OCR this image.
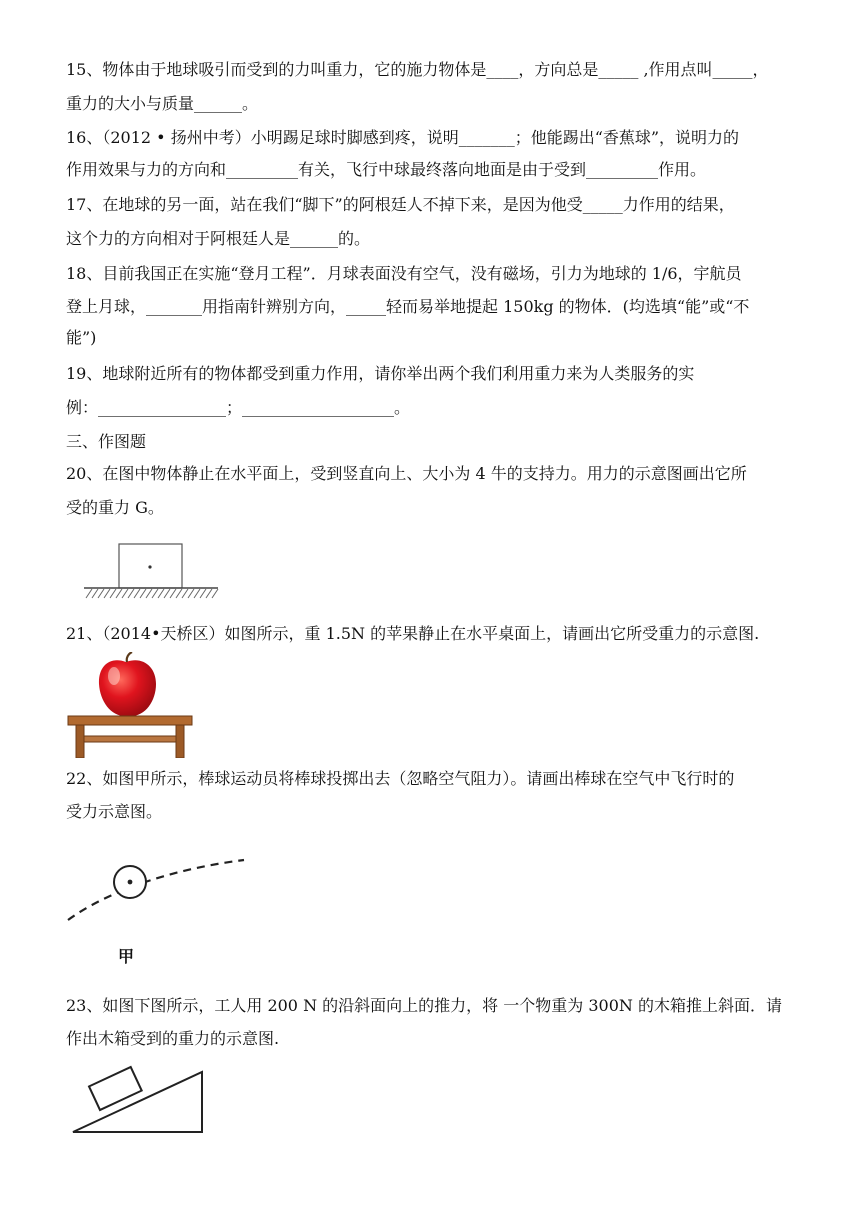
15、物体由于地球吸引而受到的力叫重力，它的施力物体是____，方向总是_____ ,作用点叫_____，
重力的大小与质量______。
16、（2012 • 扬州中考）小明踢足球时脚感到疼，说明_______；他能踢出“香蕉球”，说明力的
作用效果与力的方向和_________有关，飞行中球最终落向地面是由于受到_________作用。
17、在地球的另一面，站在我们“脚下”的阿根廷人不掉下来，是因为他受_____力作用的结果，
这个力的方向相对于阿根廷人是______的。
18、目前我国正在实施“登月工程”．月球表面没有空气，没有磁场，引力为地球的 1/6，宇航员
登上月球，_______用指南针辨别方向，_____轻而易举地提起 150kg 的物体．(均选填“能”或“不
能”)
19、地球附近所有的物体都受到重力作用，请你举出两个我们利用重力来为人类服务的实
例：________________；___________________。
三、作图题
20、在图中物体静止在水平面上，受到竖直向上、大小为 4 牛的支持力。用力的示意图画出它所
受的重力 G。
21、（2014•天桥区）如图所示，重 1.5N 的苹果静止在水平桌面上，请画出它所受重力的示意图.
22、如图甲所示，棒球运动员将棒球投掷出去（忽略空气阻力）。请画出棒球在空气中飞行时的
受力示意图。
甲
23、如图下图所示，工人用 200 N 的沿斜面向上的推力，将 一个物重为 300N 的木箱推上斜面．请
作出木箱受到的重力的示意图.
